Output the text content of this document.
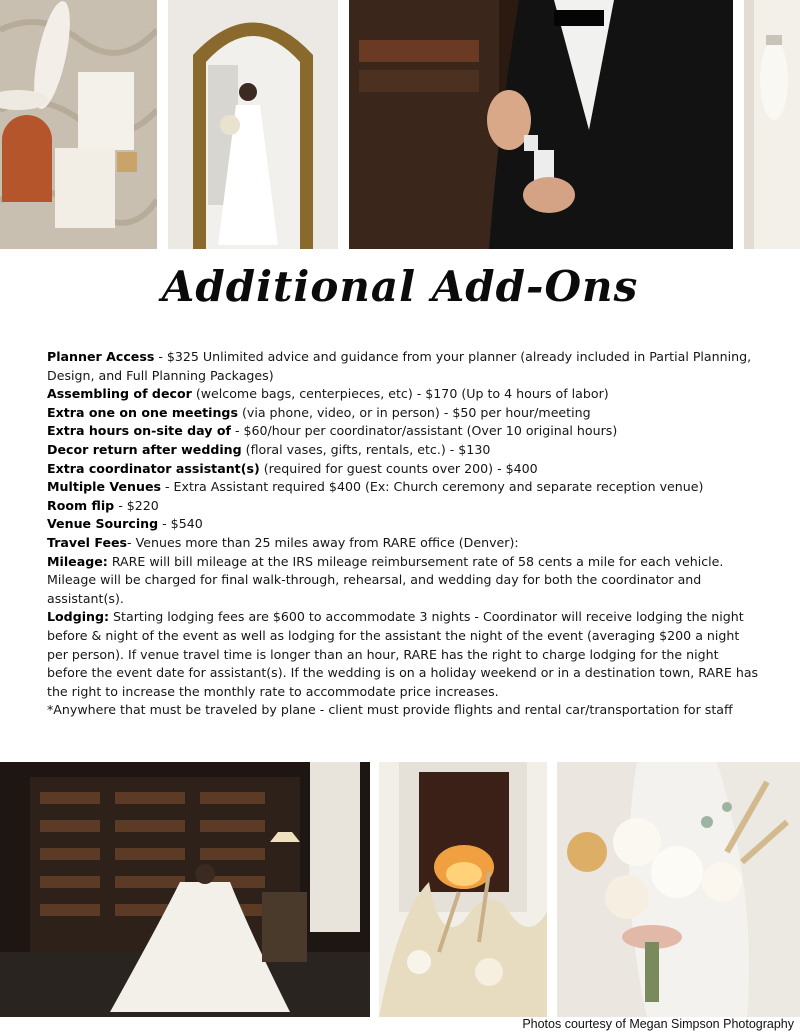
Additional Add-Ons

Planner Access - $325 Unlimited advice and guidance from your planner (already included in Partial Planning, Design, and Full Planning Packages)

Assembling of decor (welcome bags, centerpieces, etc) - $170 (Up to 4 hours of labor)

Extra one on one meetings (via phone, video, or in person) - $50 per hour/meeting

Extra hours on-site day of - $60/hour per coordinator/assistant (Over 10 original hours)

Decor return after wedding (floral vases, gifts, rentals, etc.) - $130

Extra coordinator assistant(s) (required for guest counts over 200) - $400

Multiple Venues - Extra Assistant required $400 (Ex: Church ceremony and separate reception venue)

Room flip - $220

Venue Sourcing - $540

Travel Fees- Venues more than 25 miles away from RARE office (Denver):

Mileage: RARE will bill mileage at the IRS mileage reimbursement rate of 58 cents a mile for each vehicle. Mileage will be charged for final walk-through, rehearsal, and wedding day for both the coordinator and assistant(s).

Lodging: Starting lodging fees are $600 to accommodate 3 nights - Coordinator will receive lodging the night before & night of the event as well as lodging for the assistant the night of the event (averaging $200 a night per person). If venue travel time is longer than an hour, RARE has the right to charge lodging for the night before the event date for assistant(s). If the wedding is on a holiday weekend or in a destination town, RARE has the right to increase the monthly rate to accommodate price increases.

*Anywhere that must be traveled by plane - client must provide flights and rental car/transportation for staff

Photos courtesy of Megan Simpson Photography
